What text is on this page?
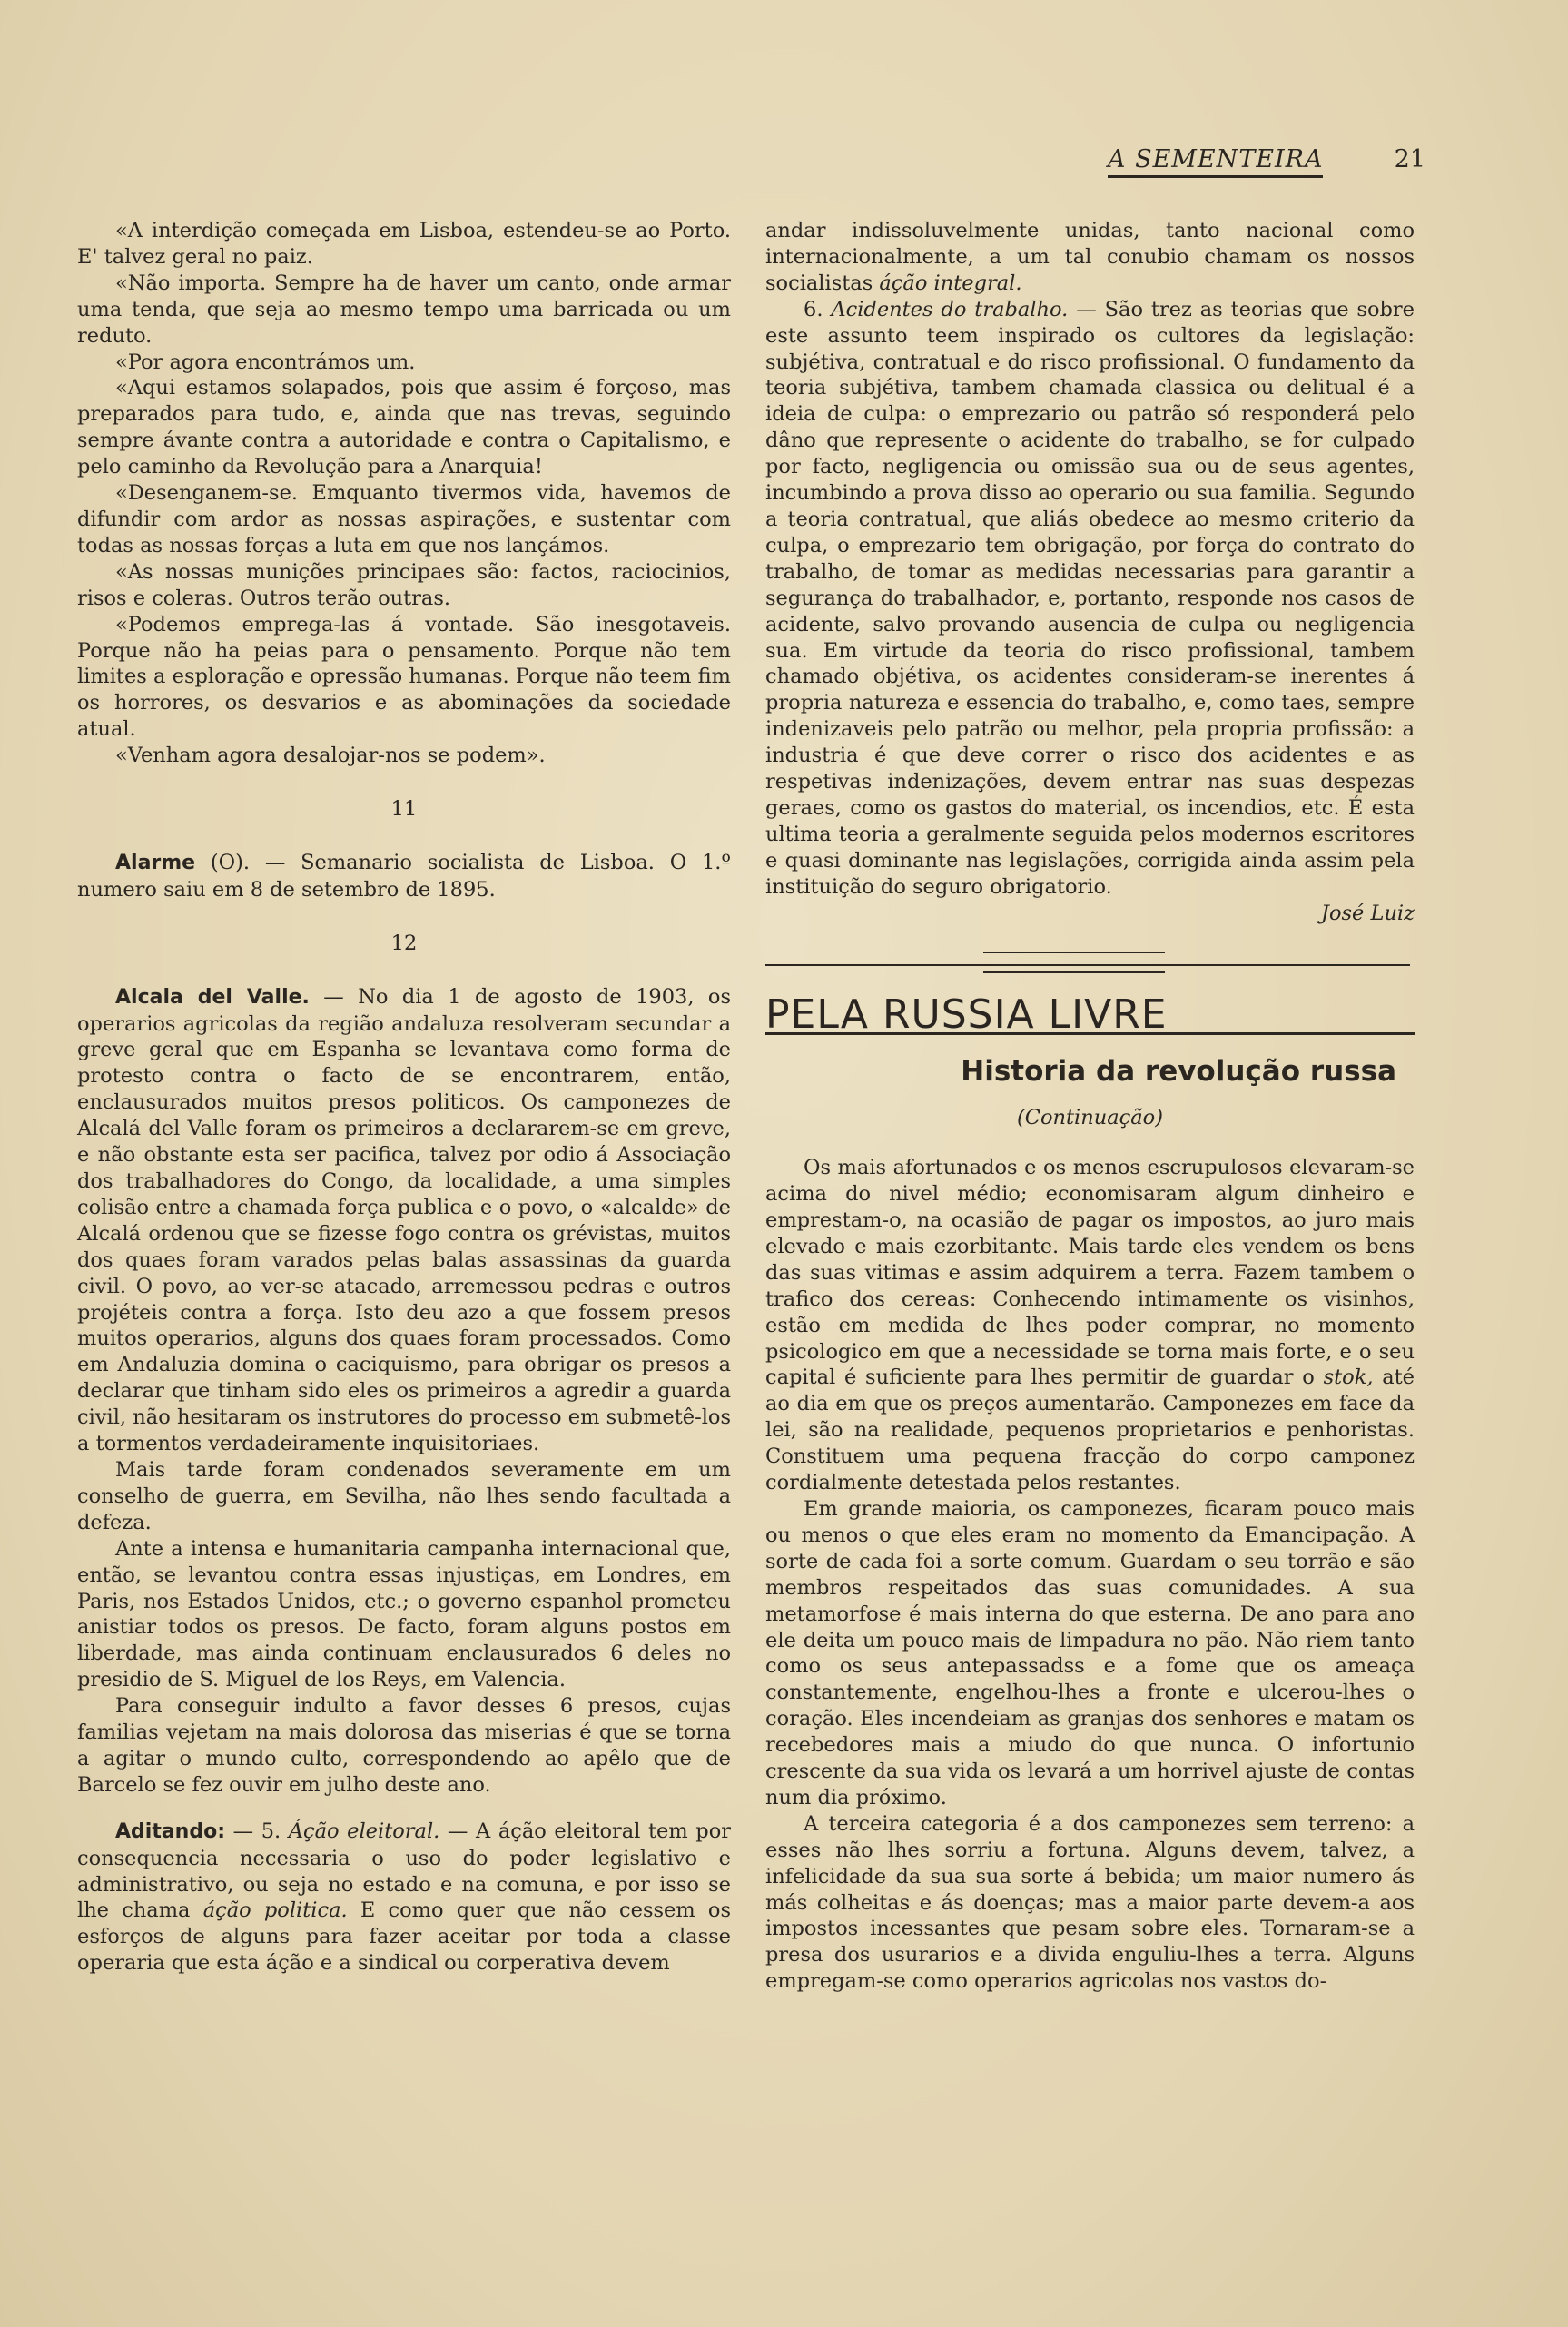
A SEMENTEIRA	21

«A interdição começada em Lisboa, estendeu-se ao Porto. E' talvez geral no paiz.

«Não importa. Sempre ha de haver um canto, onde armar uma tenda, que seja ao mesmo tempo uma barricada ou um reduto.

«Por agora encontrámos um.

«Aqui estamos solapados, pois que assim é forçoso, mas preparados para tudo, e, ainda que nas trevas, seguindo sempre ávante contra a autoridade e contra o Capitalismo, e pelo caminho da Revolução para a Anarquia!

«Desenganem-se. Emquanto tivermos vida, havemos de difundir com ardor as nossas aspirações, e sustentar com todas as nossas forças a luta em que nos lançámos.

«As nossas munições principaes são: factos, raciocinios, risos e coleras. Outros terão outras.

«Podemos emprega-las á vontade. São inesgotaveis. Porque não ha peias para o pensamento. Porque não tem limites a esploração e opressão humanas. Porque não teem fim os horrores, os desvarios e as abominações da sociedade atual.

«Venham agora desalojar-nos se podem».

11

Alarme (O). — Semanario socialista de Lisboa. O 1.º numero saiu em 8 de setembro de 1895.

12

Alcala del Valle. — No dia 1 de agosto de 1903, os operarios agricolas da região andaluza resolveram secundar a greve geral que em Espanha se levantava como forma de protesto contra o facto de se encontrarem, então, enclausurados muitos presos politicos. Os camponezes de Alcalá del Valle foram os primeiros a declararem-se em greve, e não obstante esta ser pacifica, talvez por odio á Associação dos trabalhadores do Congo, da localidade, a uma simples colisão entre a chamada força publica e o povo, o «alcalde» de Alcalá ordenou que se fizesse fogo contra os grévistas, muitos dos quaes foram varados pelas balas assassinas da guarda civil. O povo, ao ver-se atacado, arremessou pedras e outros projéteis contra a força. Isto deu azo a que fossem presos muitos operarios, alguns dos quaes foram processados. Como em Andaluzia domina o caciquismo, para obrigar os presos a declarar que tinham sido eles os primeiros a agredir a guarda civil, não hesitaram os instrutores do processo em submetê-los a tormentos verdadeiramente inquisitoriaes.

Mais tarde foram condenados severamente em um conselho de guerra, em Sevilha, não lhes sendo facultada a defeza.

Ante a intensa e humanitaria campanha internacional que, então, se levantou contra essas injustiças, em Londres, em Paris, nos Estados Unidos, etc.; o governo espanhol prometeu anistiar todos os presos. De facto, foram alguns postos em liberdade, mas ainda continuam enclausurados 6 deles no presidio de S. Miguel de los Reys, em Valencia.

Para conseguir indulto a favor desses 6 presos, cujas familias vejetam na mais dolorosa das miserias é que se torna a agitar o mundo culto, correspondendo ao apêlo que de Barcelo se fez ouvir em julho deste ano.

Aditando: — 5. Áção eleitoral. — A áção eleitoral tem por consequencia necessaria o uso do poder legislativo e administrativo, ou seja no estado e na comuna, e por isso se lhe chama áção politica. E como quer que não cessem os esforços de alguns para fazer aceitar por toda a classe operaria que esta áção e a sindical ou corperativa devem

andar indissoluvelmente unidas, tanto nacional como internacionalmente, a um tal conubio chamam os nossos socialistas áção integral.

6. Acidentes do trabalho. — São trez as teorias que sobre este assunto teem inspirado os cultores da legislação: subjétiva, contratual e do risco profissional. O fundamento da teoria subjétiva, tambem chamada classica ou delitual é a ideia de culpa: o emprezario ou patrão só responderá pelo dâno que represente o acidente do trabalho, se for culpado por facto, negligencia ou omissão sua ou de seus agentes, incumbindo a prova disso ao operario ou sua familia. Segundo a teoria contratual, que aliás obedece ao mesmo criterio da culpa, o emprezario tem obrigação, por força do contrato do trabalho, de tomar as medidas necessarias para garantir a segurança do trabalhador, e, portanto, responde nos casos de acidente, salvo provando ausencia de culpa ou negligencia sua. Em virtude da teoria do risco profissional, tambem chamado objétiva, os acidentes consideram-se inerentes á propria natureza e essencia do trabalho, e, como taes, sempre indenizaveis pelo patrão ou melhor, pela propria profissão: a industria é que deve correr o risco dos acidentes e as respetivas indenizações, devem entrar nas suas despezas geraes, como os gastos do material, os incendios, etc. É esta ultima teoria a geralmente seguida pelos modernos escritores e quasi dominante nas legislações, corrigida ainda assim pela instituição do seguro obrigatorio.

José Luiz

PELA RUSSIA LIVRE
Historia da revolução russa
(Continuação)

Os mais afortunados e os menos escrupulosos elevaram-se acima do nivel médio; economisaram algum dinheiro e emprestam-o, na ocasião de pagar os impostos, ao juro mais elevado e mais ezorbitante. Mais tarde eles vendem os bens das suas vitimas e assim adquirem a terra. Fazem tambem o trafico dos cereas: Conhecendo intimamente os visinhos, estão em medida de lhes poder comprar, no momento psicologico em que a necessidade se torna mais forte, e o seu capital é suficiente para lhes permitir de guardar o stok, até ao dia em que os preços aumentarão. Camponezes em face da lei, são na realidade, pequenos proprietarios e penhoristas. Constituem uma pequena fracção do corpo camponez cordialmente detestada pelos restantes.

Em grande maioria, os camponezes, ficaram pouco mais ou menos o que eles eram no momento da Emancipação. A sorte de cada foi a sorte comum. Guardam o seu torrão e são membros respeitados das suas comunidades. A sua metamorfose é mais interna do que esterna. De ano para ano ele deita um pouco mais de limpadura no pão. Não riem tanto como os seus antepassadss e a fome que os ameaça constantemente, engelhou-lhes a fronte e ulcerou-lhes o coração. Eles incendeiam as granjas dos senhores e matam os recebedores mais a miudo do que nunca. O infortunio crescente da sua vida os levará a um horrivel ajuste de contas num dia próximo.

A terceira categoria é a dos camponezes sem terreno: a esses não lhes sorriu a fortuna. Alguns devem, talvez, a infelicidade da sua sua sorte á bebida; um maior numero ás más colheitas e ás doenças; mas a maior parte devem-a aos impostos incessantes que pesam sobre eles. Tornaram-se a presa dos usurarios e a divida enguliu-lhes a terra. Alguns empregam-se como operarios agricolas nos vastos do-
